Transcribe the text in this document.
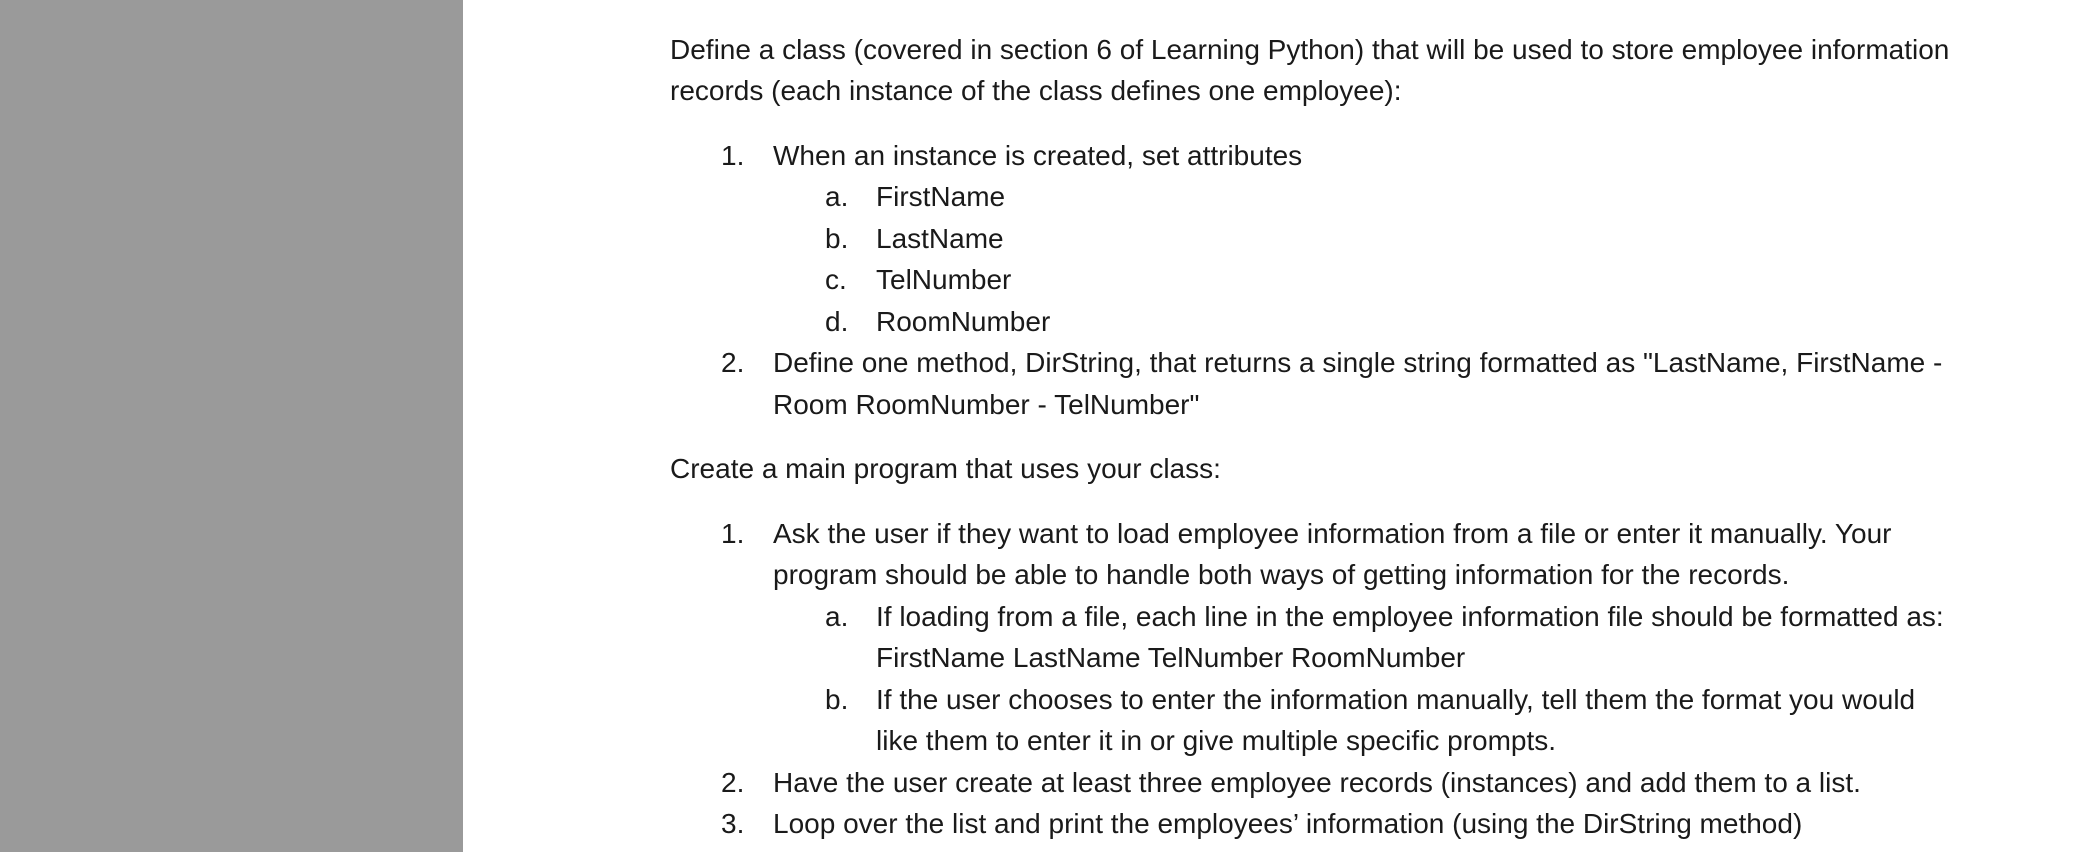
Define a class (covered in section 6 of Learning Python) that will be used to store employee information
records (each instance of the class defines one employee):
1. When an instance is created, set attributes
a. FirstName
b. LastName
c. TelNumber
d. RoomNumber
2. Define one method, DirString, that returns a single string formatted as "LastName, FirstName -
Room RoomNumber - TelNumber"
Create a main program that uses your class:
1. Ask the user if they want to load employee information from a file or enter it manually. Your
program should be able to handle both ways of getting information for the records.
a. If loading from a file, each line in the employee information file should be formatted as:
FirstName LastName TelNumber RoomNumber
b. If the user chooses to enter the information manually, tell them the format you would
like them to enter it in or give multiple specific prompts.
2. Have the user create at least three employee records (instances) and add them to a list.
3. Loop over the list and print the employees’ information (using the DirString method)
